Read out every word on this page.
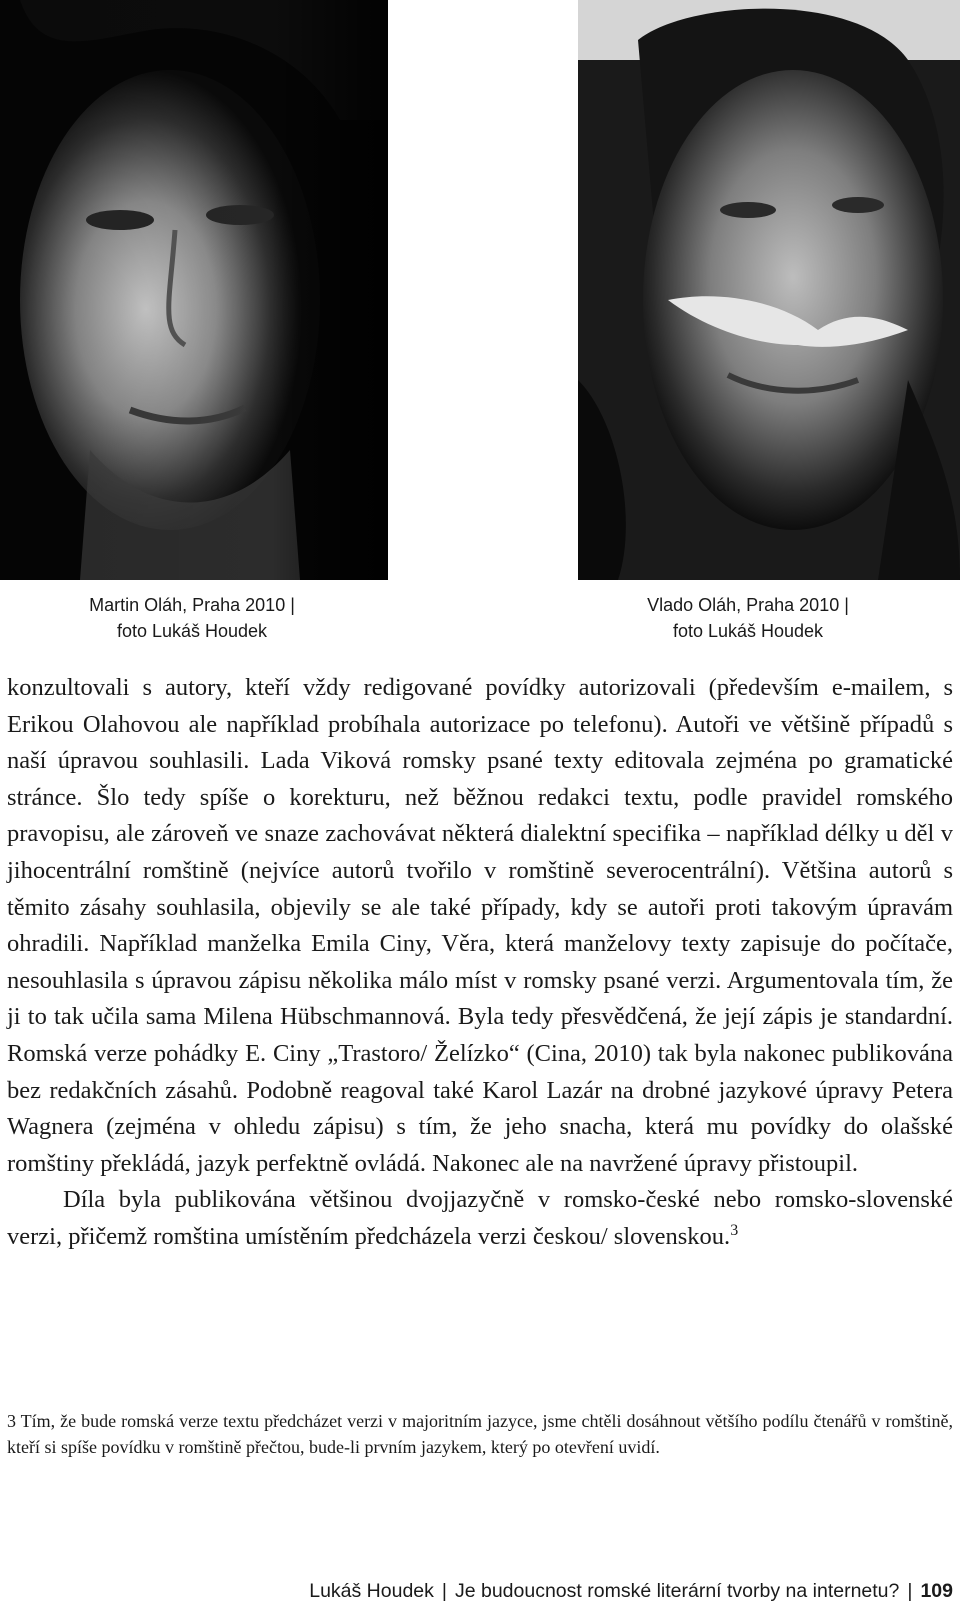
Martin Oláh, Praha 2010 |
foto Lukáš Houdek
Vlado Oláh, Praha 2010 |
foto Lukáš Houdek

konzultovali s autory, kteří vždy redigované povídky autorizovali (především e-mailem, s Erikou Olahovou ale například probíhala autorizace po telefonu). Autoři ve většině případů s naší úpravou souhlasili. Lada Viková romsky psané texty editovala zejména po gramatické stránce. Šlo tedy spíše o korekturu, než běžnou redakci textu, podle pravidel romského pravopisu, ale zároveň ve snaze zachovávat některá dialektní specifika – například délky u děl v jihocentrální romštině (nejvíce autorů tvořilo v romštině severocentrální). Většina autorů s těmito zásahy souhlasila, objevily se ale také případy, kdy se autoři proti takovým úpravám ohradili. Například manželka Emila Ciny, Věra, která manželovy texty zapisuje do počítače, nesouhlasila s úpravou zápisu několika málo míst v romsky psané verzi. Argumentovala tím, že ji to tak učila sama Milena Hübschmannová. Byla tedy přesvědčená, že její zápis je standardní. Romská verze pohádky E. Ciny „Trastoro/ Želízko“ (Cina, 2010) tak byla nakonec publikována bez redakčních zásahů. Podobně reagoval také Karol Lazár na drobné jazykové úpravy Petera Wagnera (zejména v ohledu zápisu) s tím, že jeho snacha, která mu povídky do olašské romštiny překládá, jazyk perfektně ovládá. Nakonec ale na navržené úpravy přistoupil.

Díla byla publikována většinou dvojjazyčně v romsko-české nebo romsko-slovenské verzi, přičemž romština umístěním předcházela verzi českou/ slovenskou.$^3$

3 Tím, že bude romská verze textu předcházet verzi v majoritním jazyce, jsme chtěli dosáhnout většího podílu čtenářů v romštině, kteří si spíše povídku v romštině přečtou, bude-li prvním jazykem, který po otevření uvidí.
Lukáš Houdek | Je budoucnost romské literární tvorby na internetu? | 109
